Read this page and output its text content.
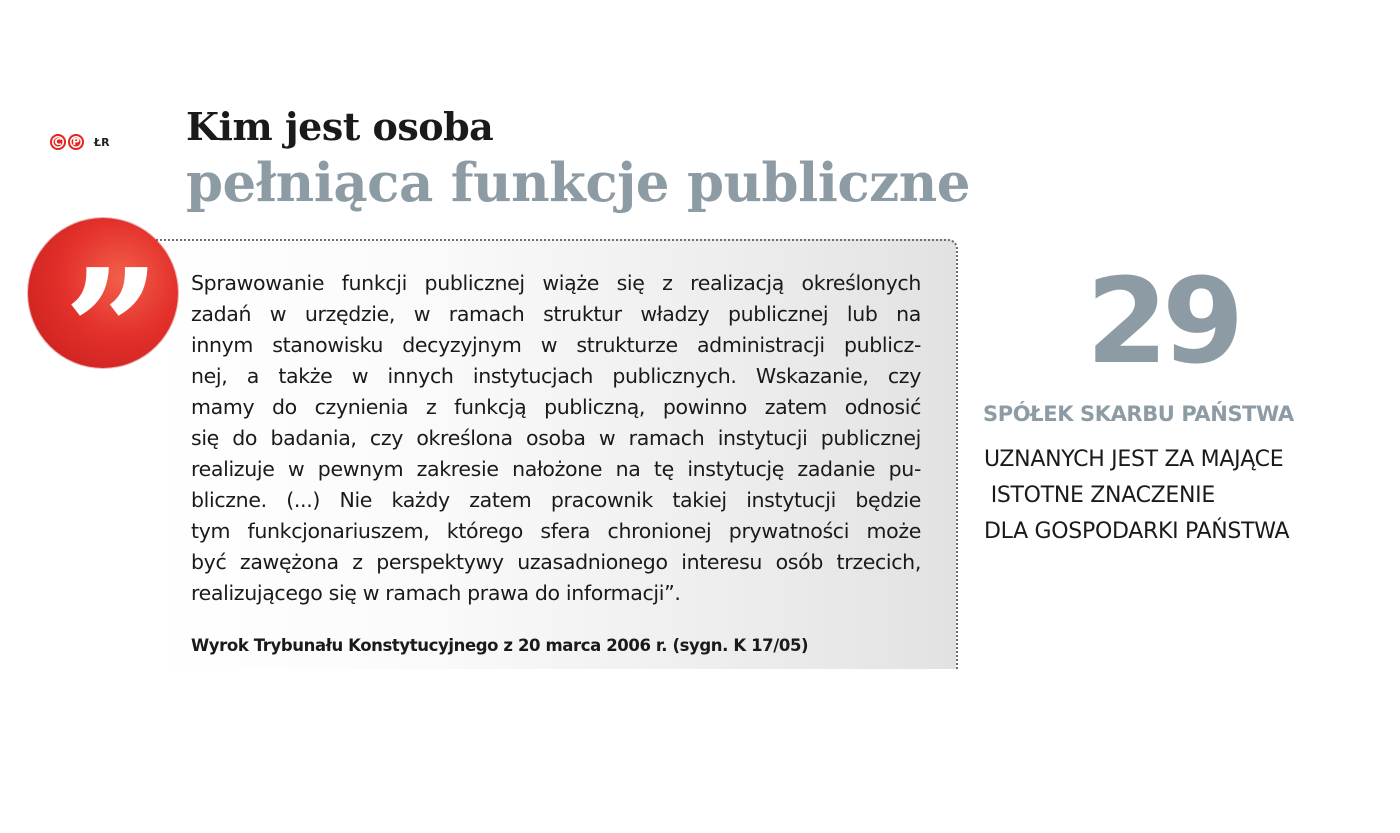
C	P	ŁR Kim jest osoba
pełniąca funkcje publiczne
” Sprawowanie funkcji publicznej wiąże się z realizacją określonych
zadań w urzędzie, w ramach struktur władzy publicznej lub na
innym stanowisku decyzyjnym w strukturze administracji publicz-
nej, a także w innych instytucjach publicznych. Wskazanie, czy
mamy do czynienia z funkcją publiczną, powinno zatem odnosić
się do badania, czy określona osoba w ramach instytucji publicznej
realizuje w pewnym zakresie nałożone na tę instytucję zadanie pu-
bliczne. (...) Nie każdy zatem pracownik takiej instytucji będzie
tym funkcjonariuszem, którego sfera chronionej prywatności może
być zawężona z perspektywy uzasadnionego interesu osób trzecich,
realizującego się w ramach prawa do informacji”.
Wyrok Trybunału Konstytucyjnego z 20 marca 2006 r. (sygn. K 17/05)
29
SPÓŁEK SKARBU PAŃSTWA
UZNANYCH JEST ZA MAJĄCE
ISTOTNE ZNACZENIE
DLA GOSPODARKI PAŃSTWA
